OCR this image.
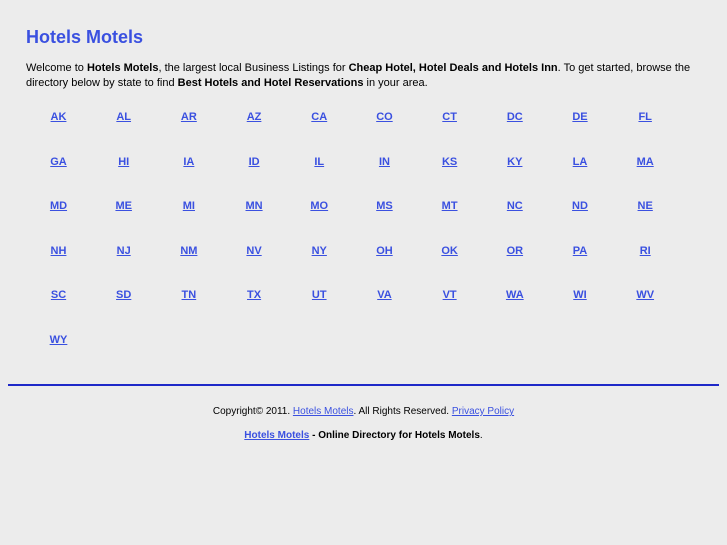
Hotels Motels

Welcome to Hotels Motels, the largest local Business Listings for Cheap Hotel, Hotel Deals and Hotels Inn. To get started, browse the directory below by state to find Best Hotels and Hotel Reservations in your area.

AK	AL	AR	AZ	CA	CO	CT	DC	DE	FL
GA	HI	IA	ID	IL	IN	KS	KY	LA	MA
MD	ME	MI	MN	MO	MS	MT	NC	ND	NE
NH	NJ	NM	NV	NY	OH	OK	OR	PA	RI
SC	SD	TN	TX	UT	VA	VT	WA	WI	WV
WY
Copyright© 2011. Hotels Motels. All Rights Reserved. Privacy Policy
Hotels Motels - Online Directory for Hotels Motels.
